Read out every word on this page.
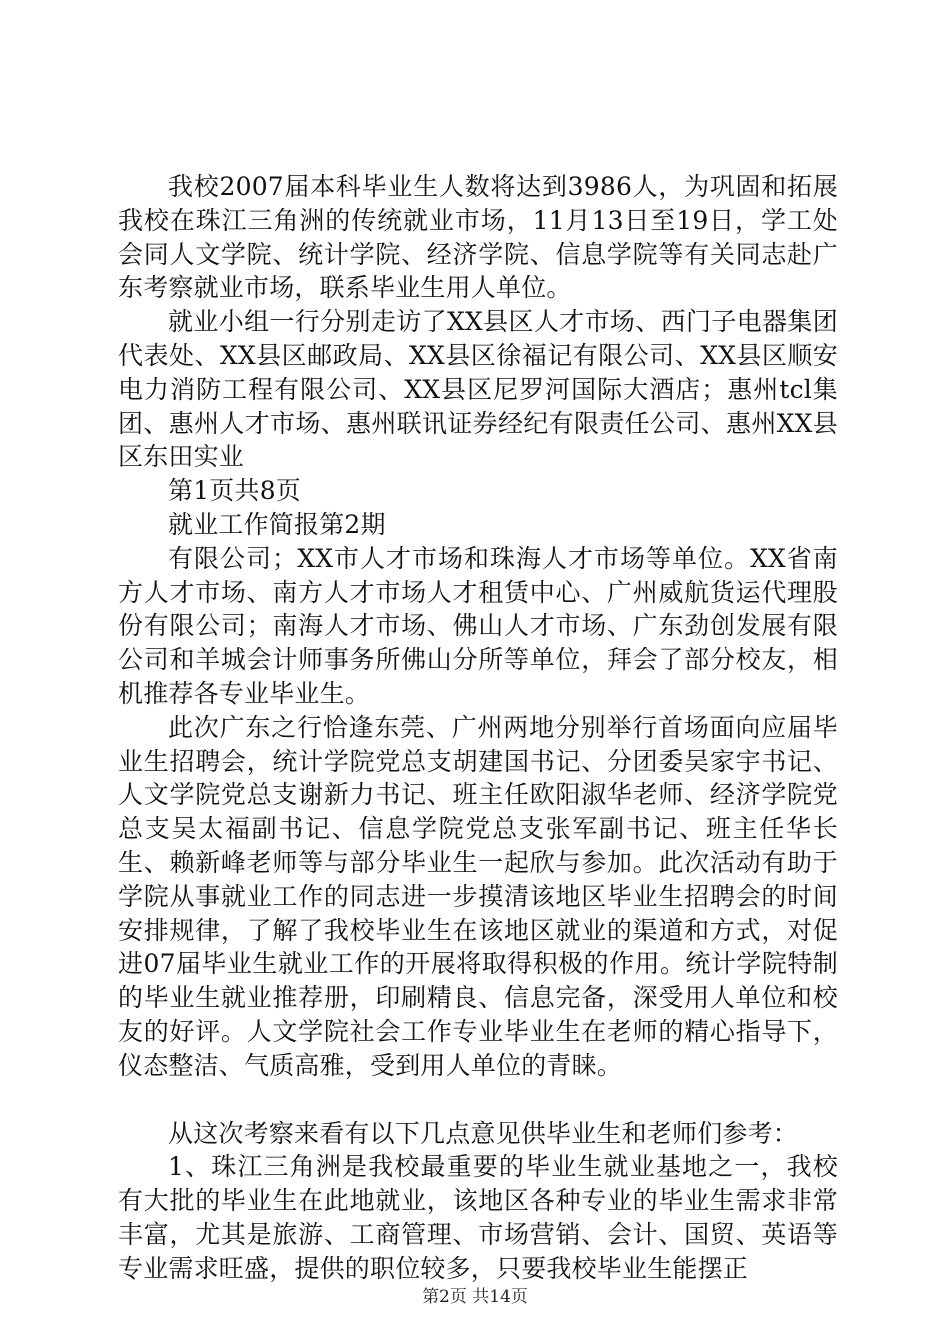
我校2007届本科毕业生人数将达到3986人，为巩固和拓展我校在珠江三角洲的传统就业市场，11月13日至19日，学工处会同人文学院、统计学院、经济学院、信息学院等有关同志赴广东考察就业市场，联系毕业生用人单位。

就业小组一行分别走访了XX县区人才市场、西门子电器集团代表处、XX县区邮政局、XX县区徐福记有限公司、XX县区顺安电力消防工程有限公司、XX县区尼罗河国际大酒店；惠州tcl集团、惠州人才市场、惠州联讯证券经纪有限责任公司、惠州XX县区东田实业

第1页共8页

就业工作简报第2期

有限公司；XX市人才市场和珠海人才市场等单位。XX省南方人才市场、南方人才市场人才租赁中心、广州威航货运代理股份有限公司；南海人才市场、佛山人才市场、广东劲创发展有限公司和羊城会计师事务所佛山分所等单位，拜会了部分校友，相机推荐各专业毕业生。

此次广东之行恰逢东莞、广州两地分别举行首场面向应届毕业生招聘会，统计学院党总支胡建国书记、分团委吴家宇书记、人文学院党总支谢新力书记、班主任欧阳淑华老师、经济学院党总支吴太福副书记、信息学院党总支张军副书记、班主任华长生、赖新峰老师等与部分毕业生一起欣与参加。此次活动有助于学院从事就业工作的同志进一步摸清该地区毕业生招聘会的时间安排规律，了解了我校毕业生在该地区就业的渠道和方式，对促进07届毕业生就业工作的开展将取得积极的作用。统计学院特制的毕业生就业推荐册，印刷精良、信息完备，深受用人单位和校友的好评。人文学院社会工作专业毕业生在老师的精心指导下，仪态整洁、气质高雅，受到用人单位的青睐。

从这次考察来看有以下几点意见供毕业生和老师们参考：

1、珠江三角洲是我校最重要的毕业生就业基地之一，我校有大批的毕业生在此地就业，该地区各种专业的毕业生需求非常丰富，尤其是旅游、工商管理、市场营销、会计、国贸、英语等专业需求旺盛，提供的职位较多，只要我校毕业生能摆正

第2页 共14页
